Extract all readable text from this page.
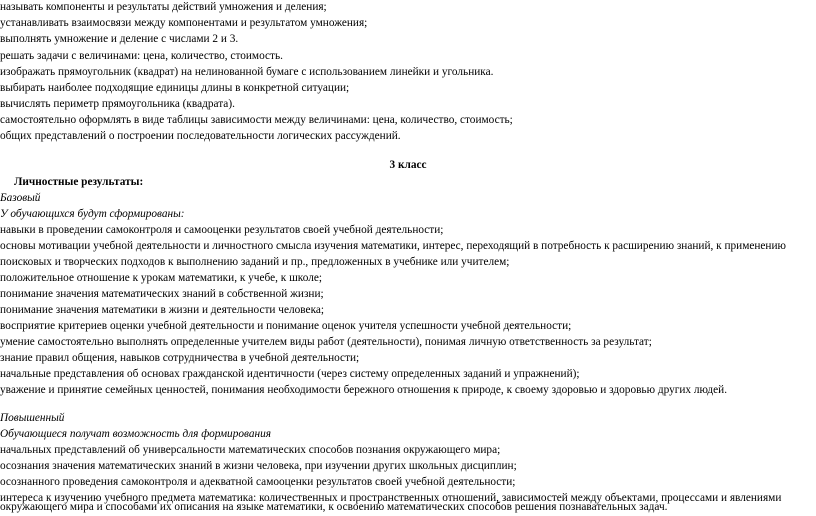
называть компоненты и результаты действий умножения и деления;
устанавливать взаимосвязи между компонентами и результатом умножения;
выполнять умножение и деление с числами 2 и 3.
решать задачи с величинами: цена, количество, стоимость.
изображать прямоугольник (квадрат) на нелинованной бумаге с использованием линейки и угольника.
выбирать наиболее подходящие единицы длины в конкретной ситуации;
вычислять периметр прямоугольника (квадрата).
самостоятельно оформлять в виде таблицы зависимости между величинами: цена, количество, стоимость;
общих представлений о построении последовательности логических рассуждений.
3 класс
Личностные результаты:
Базовый
У обучающихся будут сформированы:
навыки в проведении самоконтроля и самооценки результатов своей учебной деятельности;
основы мотивации учебной деятельности и личностного смысла изучения математики, интерес, переходящий в потребность к расширению знаний, к применению
поисковых и творческих подходов к выполнению заданий и пр., предложенных в учебнике или учителем;
положительное отношение к урокам математики, к учебе, к школе;
понимание значения математических знаний в собственной жизни;
понимание значения математики в жизни и деятельности человека;
восприятие критериев оценки учебной деятельности и понимание оценок учителя успешности учебной деятельности;
умение самостоятельно выполнять определенные учителем виды работ (деятельности), понимая личную ответственность за результат;
знание правил общения, навыков сотрудничества в учебной деятельности;
начальные представления об основах гражданской идентичности (через систему определенных заданий и упражнений);
уважение и принятие семейных ценностей, понимания необходимости бережного отношения к природе, к своему здоровью и здоровью других людей.
Повышенный
Обучающиеся получат возможность для формирования
начальных представлений об универсальности математических способов познания окружающего мира;
осознания значения математических знаний в жизни человека, при изучении других школьных дисциплин;
осознанного проведения самоконтроля и адекватной самооценки результатов своей учебной деятельности;
интереса к изучению учебного предмета математика: количественных и пространственных отношений, зависимостей между объектами, процессами и явлениями
окружающего мира и способами их описания на языке математики, к освоению математических способов решения познавательных задач.
